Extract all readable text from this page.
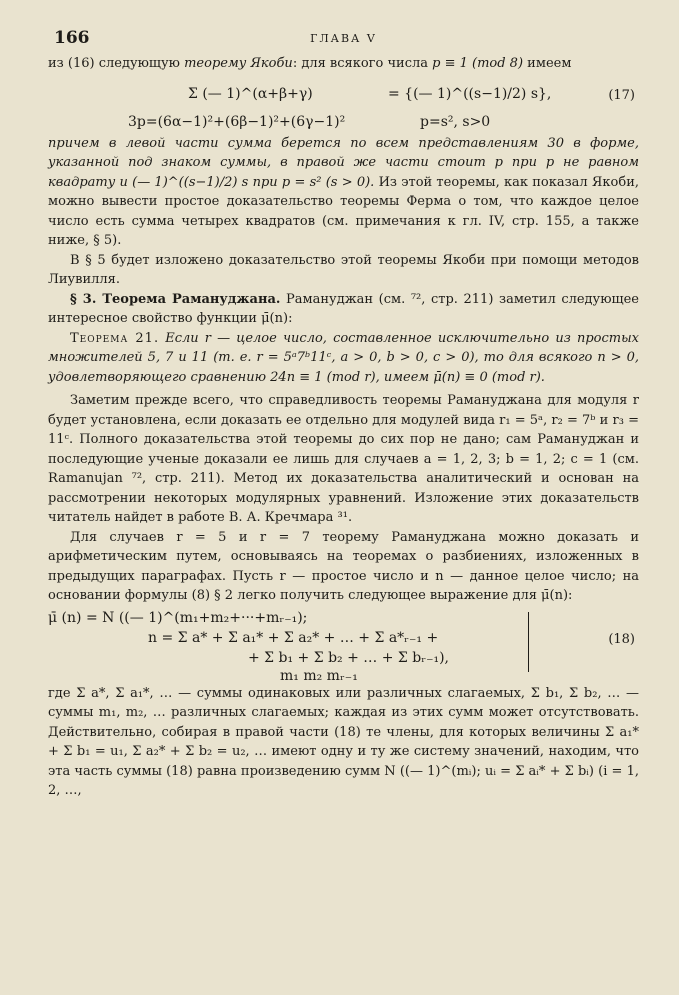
166	ГЛАВА V

из (16) следующую теорему Якоби: для всякого числа p ≡ 1 (mod 8) имеем

Σ (— 1)^(α+β+γ)
3p=(6α−1)²+(6β−1)²+(6γ−1)²
= {(— 1)^((s−1)/2) s},
p=s², s>0
(17)

причем в левой части сумма берется по всем представлениям 30 в форме, указанной под знаком суммы, в правой же части стоит p при p не равном квадрату и (— 1)^((s−1)/2) s при p = s² (s > 0). Из этой теоремы, как показал Якоби, можно вывести простое доказательство теоремы Ферма о том, что каждое целое число есть сумма четырех квадратов (см. примечания к гл. IV, стр. 155, а также ниже, § 5).

В § 5 будет изложено доказательство этой теоремы Якоби при помощи методов Лиувилля.

§ 3. Теорема Рамануджана. Рамануджан (см. ⁷², стр. 211) заметил следующее интересное свойство функции μ̄(n):

Теорема 21. Если r — целое число, составленное исключительно из простых множителей 5, 7 и 11 (т. е. r = 5ᵃ7ᵇ11ᶜ, a > 0, b > 0, c > 0), то для всякого n > 0, удовлетворяющего сравнению 24n ≡ 1 (mod r), имеем μ̄(n) ≡ 0 (mod r).

Заметим прежде всего, что справедливость теоремы Рамануджана для модуля r будет установлена, если доказать ее отдельно для модулей вида r₁ = 5ᵃ, r₂ = 7ᵇ и r₃ = 11ᶜ. Полного доказательства этой теоремы до сих пор не дано; сам Рамануджан и последующие ученые доказали ее лишь для случаев a = 1, 2, 3; b = 1, 2; c = 1 (см. Ramanujan ⁷², стр. 211). Метод их доказательства аналитический и основан на рассмотрении некоторых модулярных уравнений. Изложение этих доказательств читатель найдет в работе В. А. Кречмара ³¹.

Для случаев r = 5 и r = 7 теорему Рамануджана можно доказать и арифметическим путем, основываясь на теоремах о разбиениях, изложенных в предыдущих параграфах. Пусть r — простое число и n — данное целое число; на основании формулы (8) § 2 легко получить следующее выражение для μ̄(n):

μ̄ (n) = N ((— 1)^(m₁+m₂+···+mᵣ₋₁);
n = Σ a* + Σ a₁* + Σ a₂* + … + Σ a*ᵣ₋₁ +
+ Σ b₁ + Σ b₂ + … + Σ bᵣ₋₁),
m₁ m₂ mᵣ₋₁
(18)

где Σ a*, Σ a₁*, … — суммы одинаковых или различных слагаемых, Σ b₁, Σ b₂, … — суммы m₁, m₂, … различных слагаемых; каждая из этих сумм может отсутствовать. Действительно, собирая в правой части (18) те члены, для которых величины Σ a₁* + Σ b₁ = u₁, Σ a₂* + Σ b₂ = u₂, … имеют одну и ту же систему значений, находим, что эта часть суммы (18) равна произведению сумм N ((— 1)^(mᵢ); uᵢ = Σ aᵢ* + Σ bᵢ) (i = 1, 2, …,
